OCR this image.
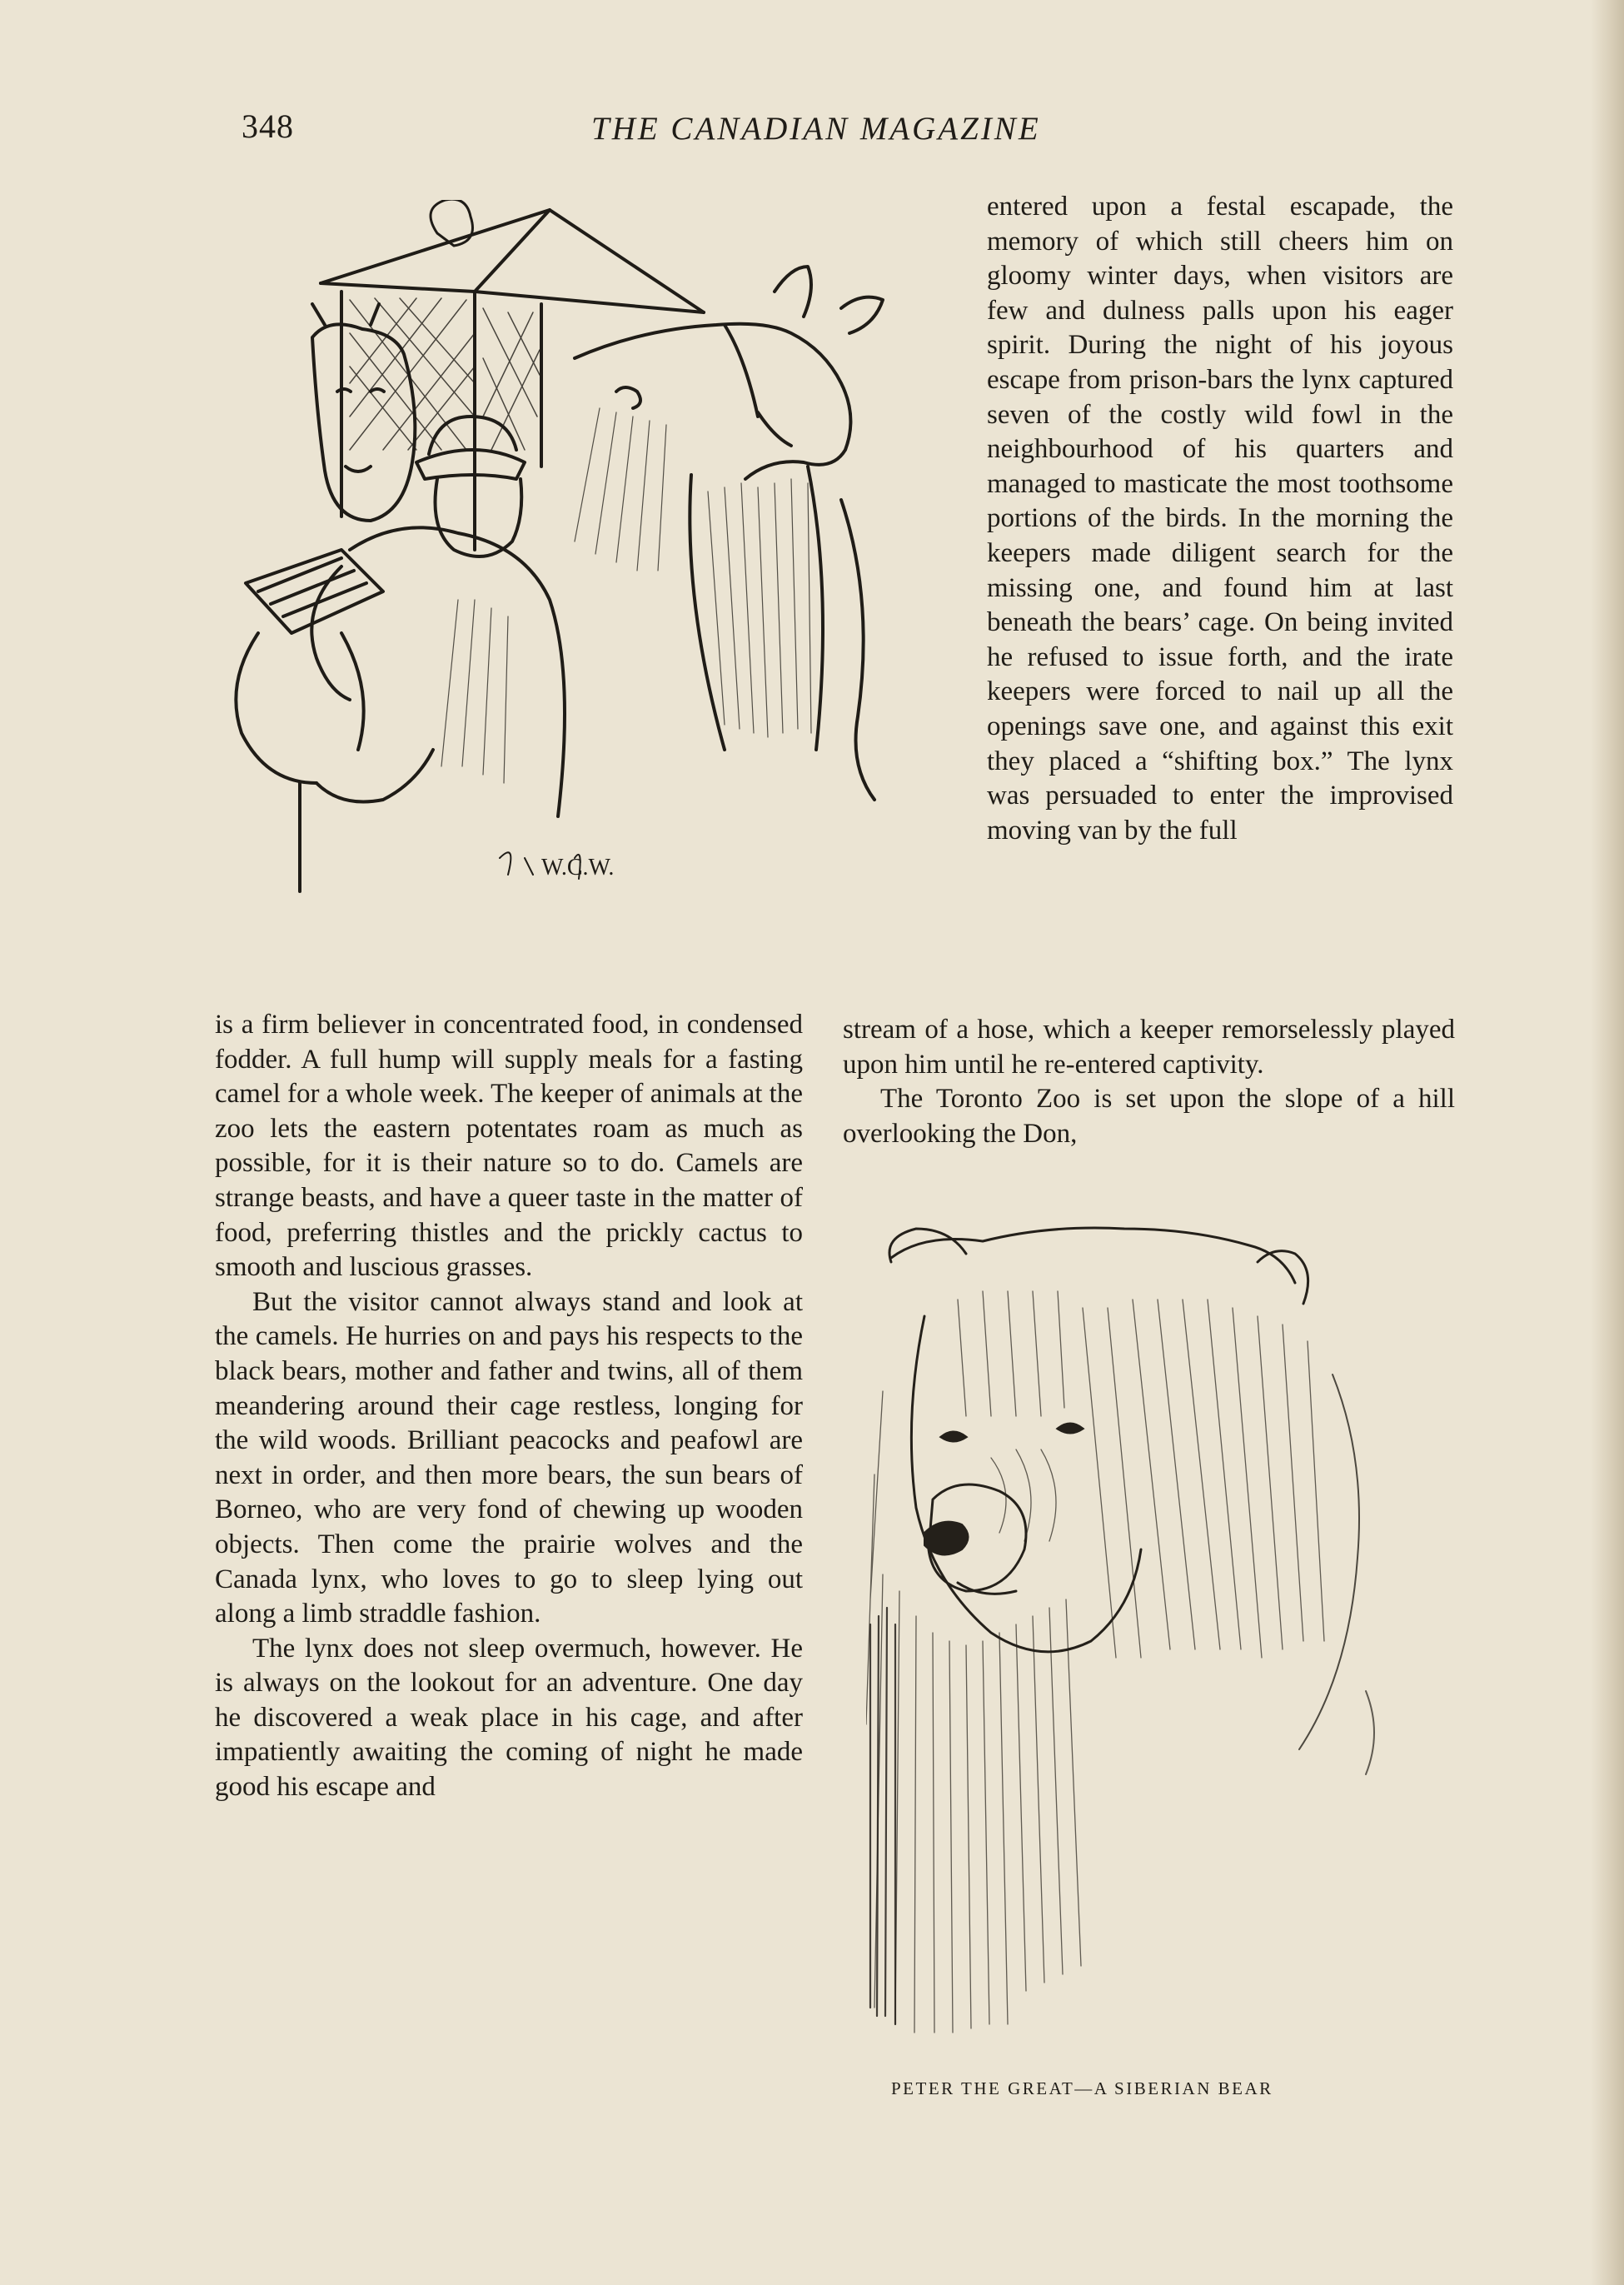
348	THE CANADIAN MAGAZINE
W.C.W.

entered upon a festal escapade, the memory of which still cheers him on gloomy winter days, when visitors are few and dulness palls upon his eager spirit. During the night of his joyous escape from prison-bars the lynx captured seven of the costly wild fowl in the neighbourhood of his quarters and managed to masticate the most toothsome portions of the birds. In the morning the keepers made diligent search for the missing one, and found him at last beneath the bears’ cage. On being invited he refused to issue forth, and the irate keepers were forced to nail up all the openings save one, and against this exit they placed a “shifting box.” The lynx was persuaded to enter the improvised moving van by the full

stream of a hose, which a keeper remorselessly played upon him until he re-entered captivity.

The Toronto Zoo is set upon the slope of a hill overlooking the Don,

is a firm believer in concentrated food, in condensed fodder. A full hump will supply meals for a fasting camel for a whole week. The keeper of animals at the zoo lets the eastern potentates roam as much as possible, for it is their nature so to do. Camels are strange beasts, and have a queer taste in the matter of food, preferring thistles and the prickly cactus to smooth and luscious grasses.

But the visitor cannot always stand and look at the camels. He hurries on and pays his respects to the black bears, mother and father and twins, all of them meandering around their cage restless, longing for the wild woods. Brilliant peacocks and peafowl are next in order, and then more bears, the sun bears of Borneo, who are very fond of chewing up wooden objects. Then come the prairie wolves and the Canada lynx, who loves to go to sleep lying out along a limb straddle fashion.

The lynx does not sleep overmuch, however. He is always on the lookout for an adventure. One day he discovered a weak place in his cage, and after impatiently awaiting the coming of night he made good his escape and

PETER THE GREAT—A SIBERIAN BEAR
